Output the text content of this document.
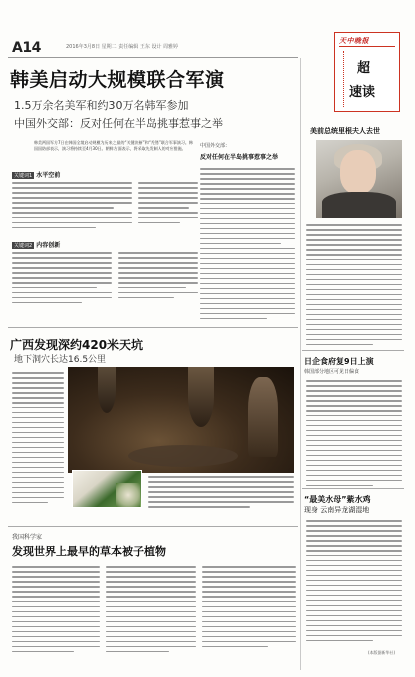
A14	2016年3月8日 星期二 责任编辑 王东 设计 周雅婷
天中晚报
超
速读
韩美启动大规模联合军演
1.5万余名美军和约30万名韩军参加
中国外交部：反对任何在半岛挑事惹事之举
韩美两国军方7日在韩国全境启动规模为历来之最的“关键决断”和“秃鹫”联合军事演习。韩国国防部表示，演习将持续至4月30日。朝鲜方面表示，将采取先发制人的对应措施。
关键词1 水平空前
关键词2 内容创新
中国外交部：
反对任何在半岛挑事惹事之举
广西发现深约420米天坑
地下洞穴长达16.5公里
我国科学家
发现世界上最早的草本被子植物
美前总统里根夫人去世
日企食府复9日上演
韩国部分地区可见日偏食
“最美水母”紫水鸡
现身 云南异龙湖湿地
(本版据新华社)
